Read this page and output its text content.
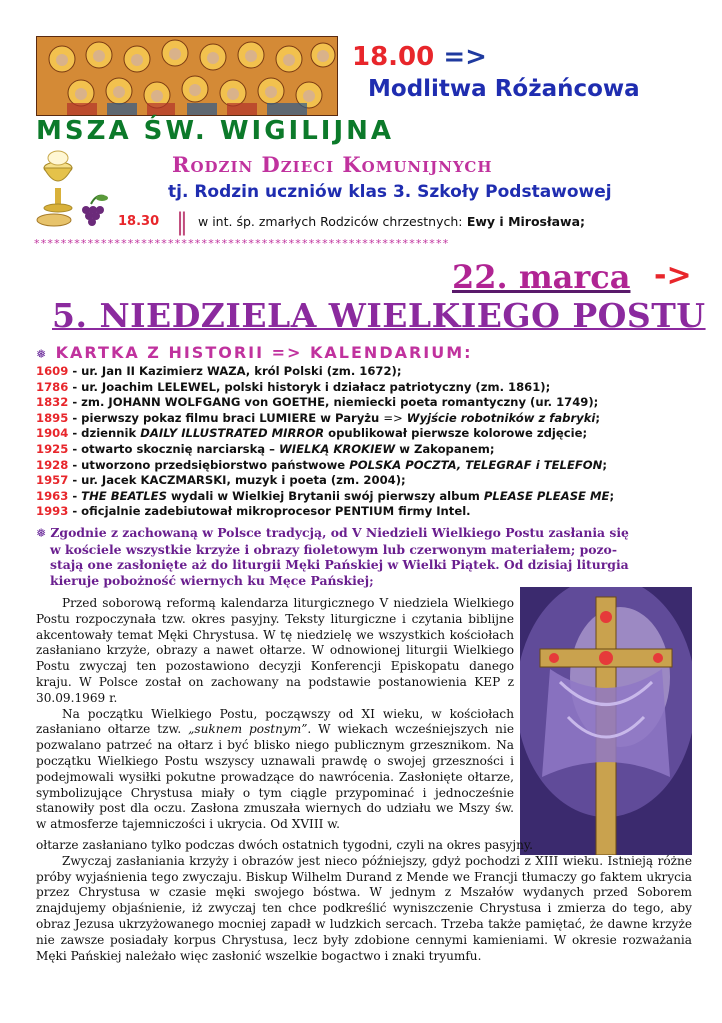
18.00 =>
Modlitwa Różańcowa
MSZA ŚW. WIGILIJNA
Rodzin Dzieci Komunijnych
tj. Rodzin uczniów klas 3. Szkoły Podstawowej
18.30 ‖ w int. śp. zmarłych Rodziców chrzestnych: Ewy i Mirosława;
**************************************************************
22. marca ->
5. NIEDZIELA WIELKIEGO POSTU
❅ KARTKA Z HISTORII => KALENDARIUM:
1609 - ur. Jan II Kazimierz WAZA, król Polski (zm. 1672);
1786 - ur. Joachim LELEWEL, polski historyk i działacz patriotyczny (zm. 1861);
1832 - zm. JOHANN WOLFGANG von GOETHE, niemiecki poeta romantyczny (ur. 1749);
1895 - pierwszy pokaz filmu braci LUMIERE w Paryżu => Wyjście robotników z fabryki;
1904 - dziennik DAILY ILLUSTRATED MIRROR opublikował pierwsze kolorowe zdjęcie;
1925 - otwarto skocznię narciarską – WIELKĄ KROKIEW w Zakopanem;
1928 - utworzono przedsiębiorstwo państwowe POLSKA POCZTA, TELEGRAF i TELEFON;
1957 - ur. Jacek KACZMARSKI, muzyk i poeta (zm. 2004);
1963 - THE BEATLES wydali w Wielkiej Brytanii swój pierwszy album PLEASE PLEASE ME;
1993 - oficjalnie zadebiutował mikroprocesor PENTIUM firmy Intel.
❅ Zgodnie z zachowaną w Polsce tradycją, od V Niedzieli Wielkiego Postu zasłania się
w kościele wszystkie krzyże i obrazy fioletowym lub czerwonym materiałem; pozo-
stają one zasłonięte aż do liturgii Męki Pańskiej w Wielki Piątek. Od dzisiaj liturgia
kieruje pobożność wiernych ku Męce Pańskiej;

Przed soborową reformą kalendarza liturgicznego V niedziela Wielkiego Postu rozpoczynała tzw. okres pasyjny. Teksty liturgiczne i czytania biblijne akcentowały temat Męki Chrystusa. W tę niedzielę we wszystkich kościołach zasłaniano krzyże, obrazy a nawet ołtarze. W odnowionej liturgii Wielkiego Postu zwyczaj ten pozostawiono decyzji Konferencji Episkopatu danego kraju. W Polsce został on zachowany na podstawie postanowienia KEP z 30.09.1969 r.

Na początku Wielkiego Postu, począwszy od XI wieku, w kościołach zasłaniano ołtarze tzw. „suknem postnym”. W wiekach wcześniejszych nie pozwalano patrzeć na ołtarz i być blisko niego publicznym grzesznikom. Na początku Wielkiego Postu wszyscy uznawali prawdę o swojej grzeszności i podejmowali wysiłki pokutne prowadzące do nawrócenia. Zasłonięte ołtarze, symbolizujące Chrystusa miały o tym ciągle przypominać i jednocześnie stanowiły post dla oczu. Zasłona zmuszała wiernych do udziału we Mszy św. w atmosferze tajemniczości i ukrycia. Od XVIII w.

ołtarze zasłaniano tylko podczas dwóch ostatnich tygodni, czyli na okres pasyjny.

Zwyczaj zasłaniania krzyży i obrazów jest nieco późniejszy, gdyż pochodzi z XIII wieku. Istnieją różne próby wyjaśnienia tego zwyczaju. Biskup Wilhelm Durand z Mende we Francji tłumaczy go faktem ukrycia przez Chrystusa w czasie męki swojego bóstwa. W jednym z Mszałów wydanych przed Soborem znajdujemy objaśnienie, iż zwyczaj ten chce podkreślić wyniszczenie Chrystusa i zmierza do tego, aby obraz Jezusa ukrzyżowanego mocniej zapadł w ludzkich sercach. Trzeba także pamiętać, że dawne krzyże nie zawsze posiadały korpus Chrystusa, lecz były zdobione cennymi kamieniami. W okresie rozważania Męki Pańskiej należało więc zasłonić wszelkie bogactwo i znaki tryumfu.
